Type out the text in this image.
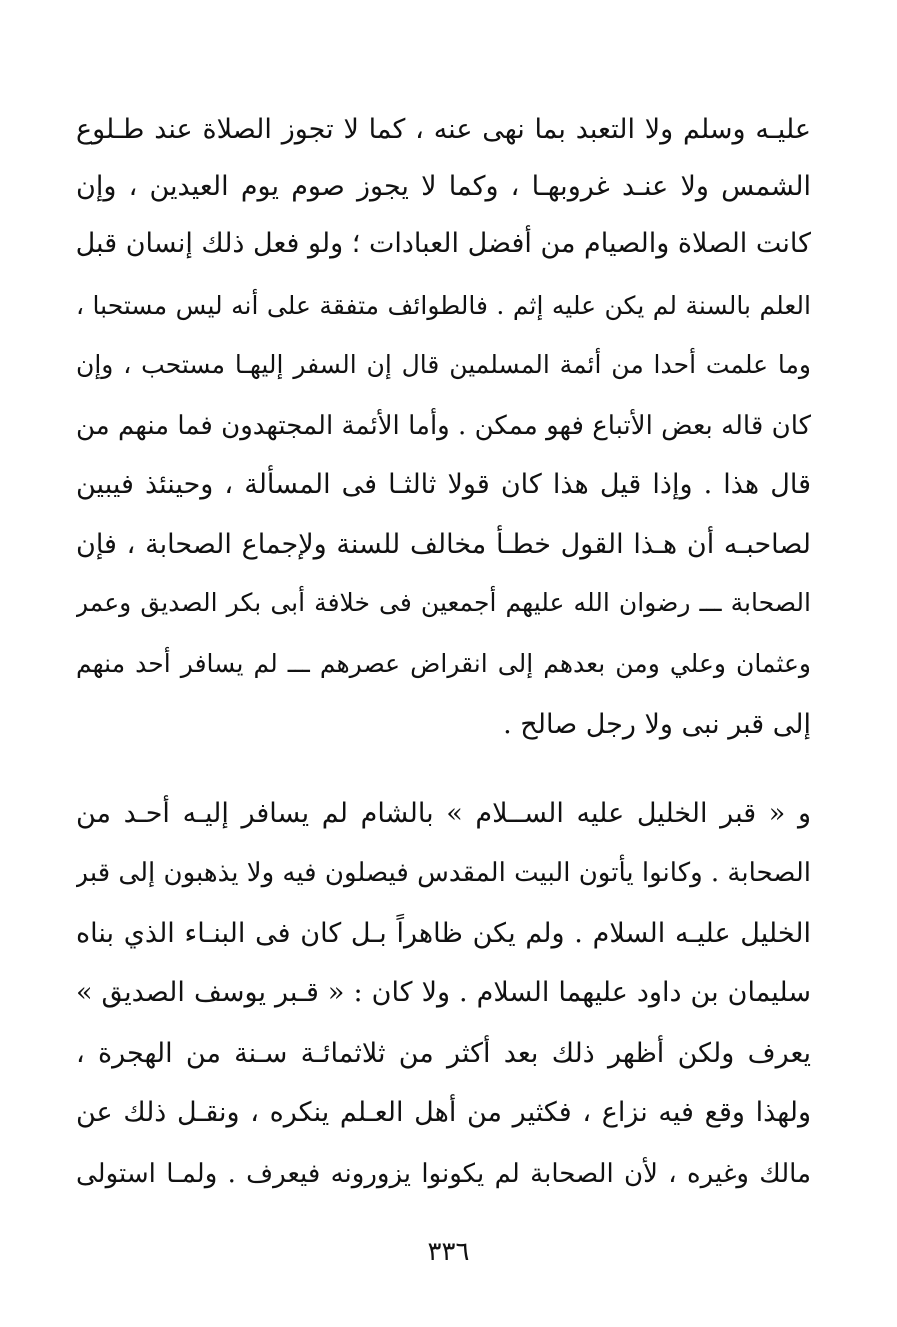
عليـه وسلم ولا التعبد بما نهى عنه ، كما لا تجوز الصلاة عند طـلوع
الشمس ولا عنـد غروبهـا ، وكما لا يجوز صوم يوم العيدين ، وإن
كانت الصلاة والصيام من أفضل العبادات ؛ ولو فعل ذلك إنسان قبل
العلم بالسنة لم يكن عليه إثم . فالطوائف متفقة على أنه ليس مستحبا ،
وما علمت أحدا من أئمة المسلمين قال إن السفر إليهـا مستحب ، وإن
كان قاله بعض الأتباع فهو ممكن . وأما الأئمة المجتهدون فما منهم من
قال هذا . وإذا قيل هذا كان قولا ثالثـا فى المسألة ، وحينئذ فيبين
لصاحبـه أن هـذا القول خطـأ مخالف للسنة ولإجماع الصحابة ، فإن
الصحابة ـــ رضوان الله عليهم أجمعين فى خلافة أبى بكر الصديق وعمر
وعثمان وعلي ومن بعدهم إلى انقراض عصرهم ـــ لم يسافر أحد منهم
إلى قبر نبى ولا رجل صالح .
و « قبر الخليل عليه الســلام » بالشام لم يسافر إليـه أحـد من
الصحابة . وكانوا يأتون البيت المقدس فيصلون فيه ولا يذهبون إلى قبر
الخليل عليـه السلام . ولم يكن ظاهراً بـل كان فى البنـاء الذي بناه
سليمان بن داود عليهما السلام . ولا كان : « قـبر يوسف الصديق »
يعرف ولكن أظهر ذلك بعد أكثر من ثلاثمائـة سـنة من الهجرة ،
ولهذا وقع فيه نزاع ، فكثير من أهل العـلم ينكره ، ونقـل ذلك عن
مالك وغيره ، لأن الصحابة لم يكونوا يزورونه فيعرف . ولمـا استولى
٣٣٦
